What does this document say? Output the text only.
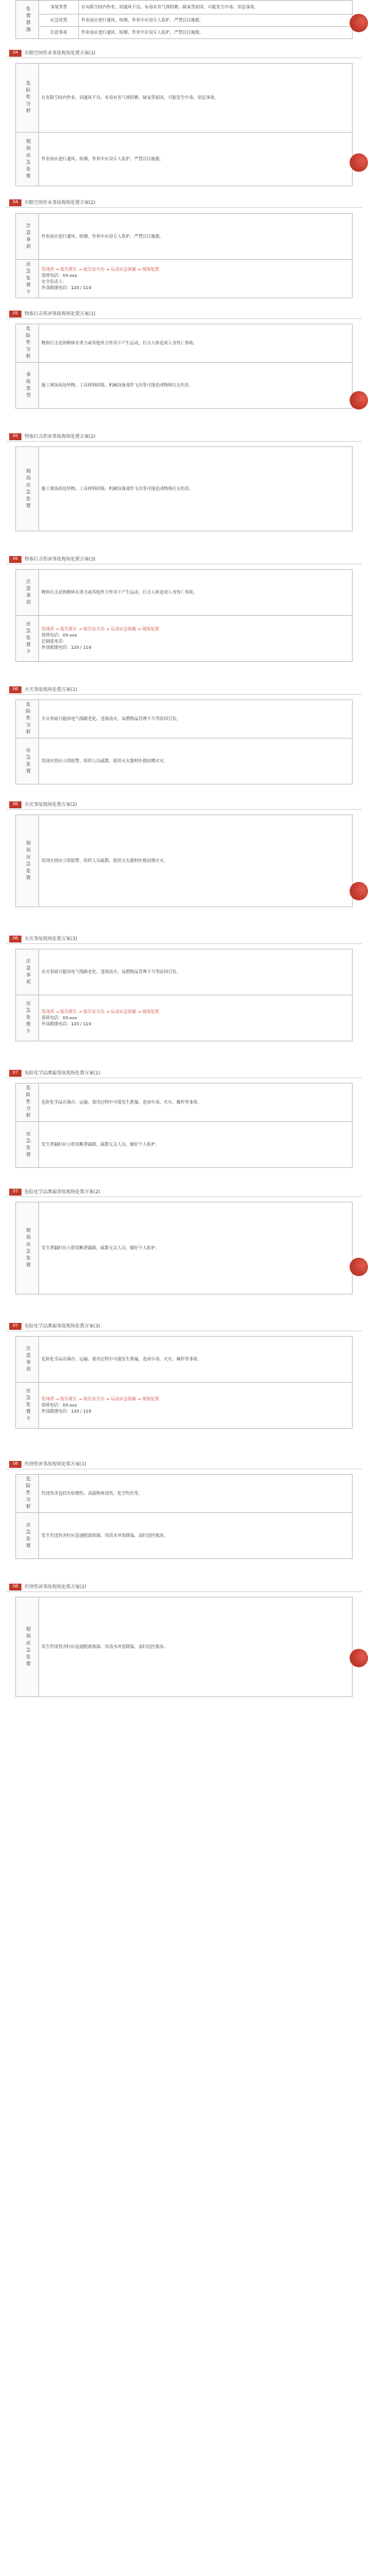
处置措施	事故类型	在有限空间内作业，因通风不良、有毒有害气体积聚、缺氧等原因，可能发生中毒、窒息事故。
	应急处置	作业前应进行通风、检测，作业中应设专人监护，严禁盲目施救。
	注意事项	作业前应进行通风、检测，作业中应设专人监护，严禁盲目施救。
04	有限空间作业事故现场处置方案(1)
危险性分析	在有限空间内作业，因通风不良、有毒有害气体积聚、缺氧等原因，可能发生中毒、窒息事故。

现场应急处置	作业前应进行通风、检测，作业中应设专人监护，严禁盲目施救。
04	有限空间作业事故现场处置方案(2)
注意事项	作业前应进行通风、检测，作业中应设专人监护，严禁盲目施救。

应急处置卡	发现者 → 报告班长 → 报告安全员 → 启动应急预案 → 现场处置
值班电话：XX-xxx
安全负责人：
外部救援电话：120 / 119
05	物体打击伤害事故现场处置方案(1)
危险性分析	物体打击是指物体在重力或其他外力作用下产生运动，打击人体造成人身伤亡事故。

事故类型	施工现场高处坠物、工具材料掉落、机械设备部件飞出等可能造成物体打击伤害。
05	物体打击伤害事故现场处置方案(2)
现场应急处置	施工现场高处坠物、工具材料掉落、机械设备部件飞出等可能造成物体打击伤害。
05	物体打击伤害事故现场处置方案(3)
注意事项	物体打击是指物体在重力或其他外力作用下产生运动，打击人体造成人身伤亡事故。

应急处置卡	发现者 → 报告班长 → 报告安全员 → 启动应急预案 → 现场处置
值班电话：XX-xxx
总调度电话：
外部救援电话：120 / 119
06	火灾事故现场处置方案(1)
危险性分析	火灾事故可能因电气线路老化、违规动火、易燃物品管理不当等原因引发。

应急处置	发现火情应立即报警，组织人员疏散，使用灭火器材扑救初期火灾。
06	火灾事故现场处置方案(2)
现场应急处置	发现火情应立即报警，组织人员疏散，使用灭火器材扑救初期火灾。
06	火灾事故现场处置方案(3)
注意事项	火灾事故可能因电气线路老化、违规动火、易燃物品管理不当等原因引发。

应急处置卡	发现者 → 报告班长 → 报告安全员 → 启动应急预案 → 现场处置
值班电话：XX-xxx
外部救援电话：120 / 119
07	危险化学品泄漏事故现场处置方案(1)
危险性分析	危险化学品在储存、运输、使用过程中可能发生泄漏，造成中毒、火灾、爆炸等事故。

应急处置	发生泄漏时应立即切断泄漏源，疏散无关人员，做好个人防护。
07	危险化学品泄漏事故现场处置方案(2)
现场应急处置	发生泄漏时应立即切断泄漏源，疏散无关人员，做好个人防护。
07	危险化学品泄漏事故现场处置方案(3)
注意事项	危险化学品在储存、运输、使用过程中可能发生泄漏，造成中毒、火灾、爆炸等事故。

应急处置卡	发现者 → 报告班长 → 报告安全员 → 启动应急预案 → 现场处置
值班电话：XX-xxx
外部救援电话：120 / 119
08	灼烫伤害事故现场处置方案(1)
危险性分析	灼烫伤害包括火焰烧伤、高温物体烫伤、化学灼伤等。

应急处置	发生灼烫伤害时应迅速脱离热源，用清水冲洗降温，及时送医救治。
08	灼烫伤害事故现场处置方案(2)
现场应急处置	发生灼烫伤害时应迅速脱离热源，用清水冲洗降温，及时送医救治。
